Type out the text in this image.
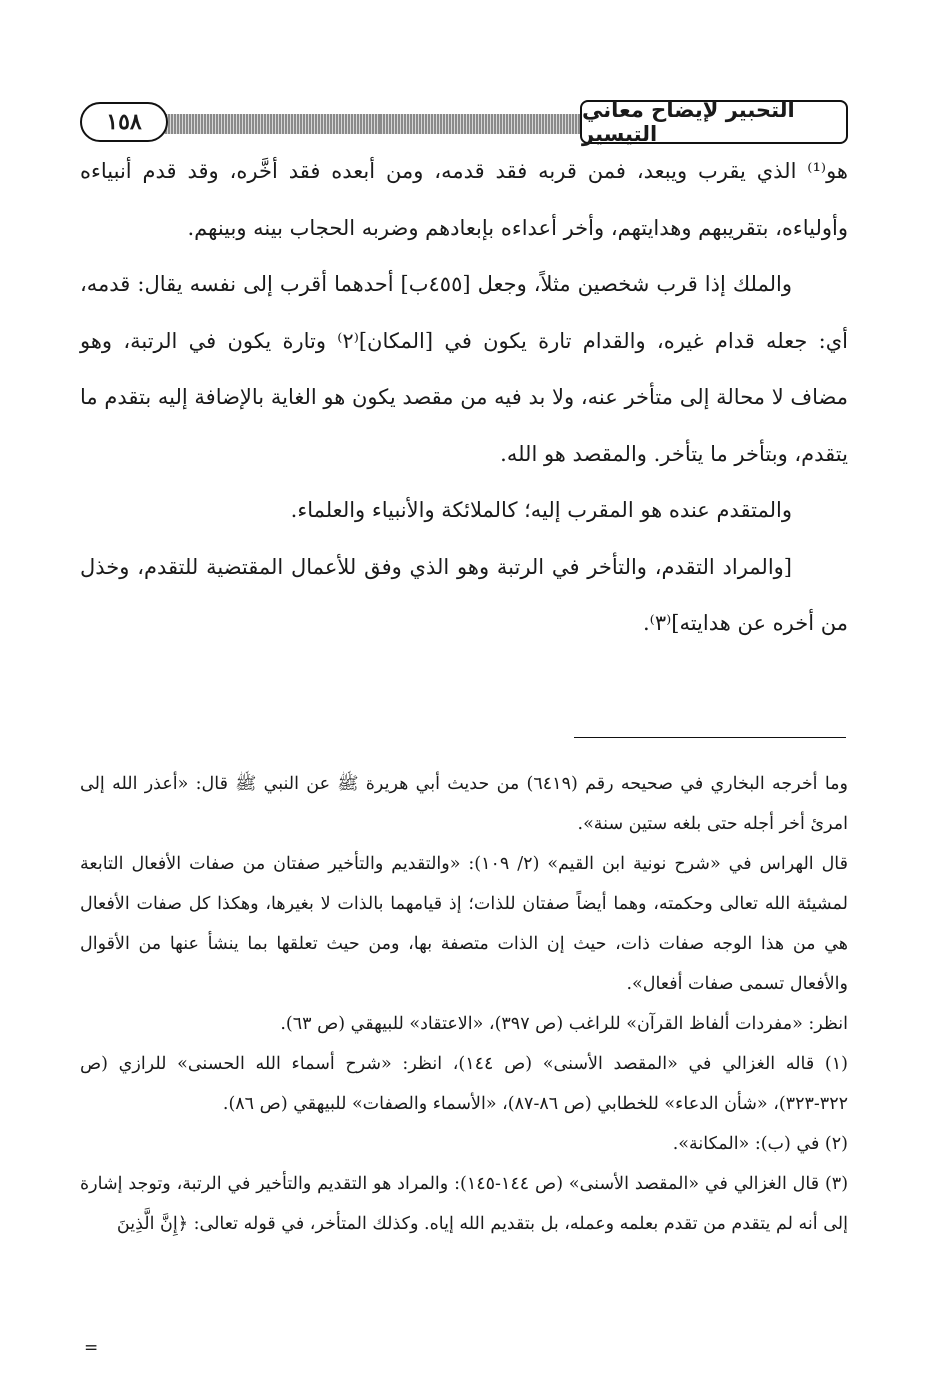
١٥٨	التحبير لإيضاح معاني التيسير

هو⁽¹⁾ الذي يقرب ويبعد، فمن قربه فقد قدمه، ومن أبعده فقد أخَّره، وقد قدم أنبياءه وأولياءه، بتقريبهم وهدايتهم، وأخر أعداءه بإبعادهم وضربه الحجاب بينه وبينهم.

والملك إذا قرب شخصين مثلاً، وجعل [٤٥٥ب] أحدهما أقرب إلى نفسه يقال: قدمه، أي: جعله قدام غيره، والقدام تارة يكون في [المكان]⁽٢⁾ وتارة يكون في الرتبة، وهو مضاف لا محالة إلى متأخر عنه، ولا بد فيه من مقصد يكون هو الغاية بالإضافة إليه بتقدم ما يتقدم، وبتأخر ما يتأخر. والمقصد هو الله.

والمتقدم عنده هو المقرب إليه؛ كالملائكة والأنبياء والعلماء.

[والمراد التقدم، والتأخر في الرتبة وهو الذي وفق للأعمال المقتضية للتقدم، وخذل من أخره عن هدايته]⁽٣⁾.

وما أخرجه البخاري في صحيحه رقم (٦٤١٩) من حديث أبي هريرة ﷺ عن النبي ﷺ قال: «أعذر الله إلى امرئ أخر أجله حتى بلغه ستين سنة».

قال الهراس في «شرح نونية ابن القيم» (٢/ ١٠٩): «والتقديم والتأخير صفتان من صفات الأفعال التابعة لمشيئة الله تعالى وحكمته، وهما أيضاً صفتان للذات؛ إذ قيامهما بالذات لا بغيرها، وهكذا كل صفات الأفعال هي من هذا الوجه صفات ذات، حيث إن الذات متصفة بها، ومن حيث تعلقها بما ينشأ عنها من الأقوال والأفعال تسمى صفات أفعال».

انظر: «مفردات ألفاظ القرآن» للراغب (ص ٣٩٧)، «الاعتقاد» للبيهقي (ص ٦٣).

(١) قاله الغزالي في «المقصد الأسنى» (ص ١٤٤)، انظر: «شرح أسماء الله الحسنى» للرازي (ص ٣٢٢-٣٢٣)، «شأن الدعاء» للخطابي (ص ٨٦-٨٧)، «الأسماء والصفات» للبيهقي (ص ٨٦).

(٢) في (ب): «المكانة».

(٣) قال الغزالي في «المقصد الأسنى» (ص ١٤٤-١٤٥): والمراد هو التقديم والتأخير في الرتبة، وتوجد إشارة إلى أنه لم يتقدم من تقدم بعلمه وعمله، بل بتقديم الله إياه. وكذلك المتأخر، في قوله تعالى: ﴿إِنَّ الَّذِينَ

=
